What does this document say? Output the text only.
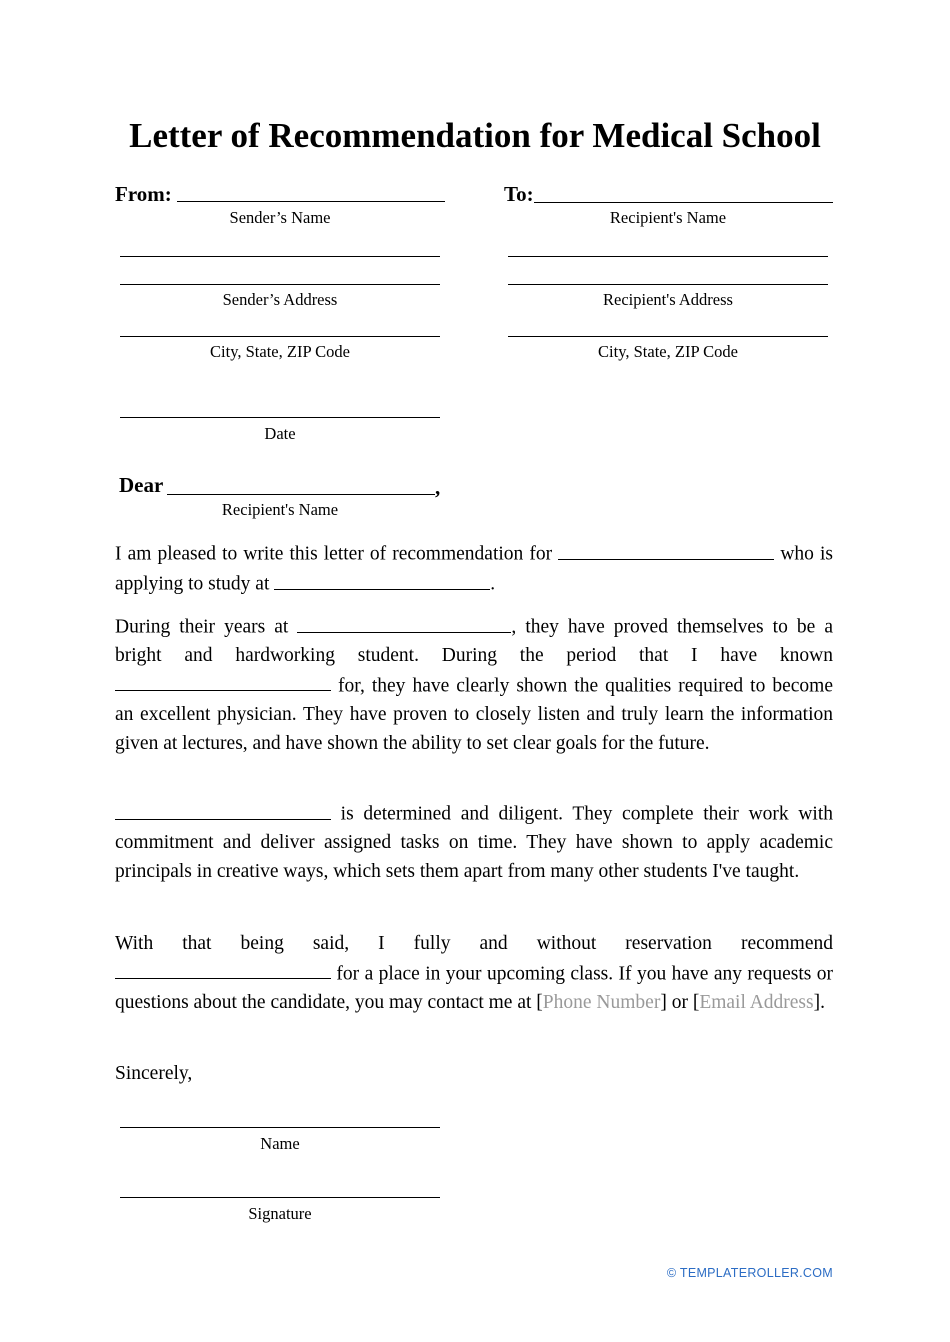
Letter of Recommendation for Medical School
From:
Sender’s Name
Sender’s Address
City, State, ZIP Code
Date
To:
Recipient's Name
Recipient's Address
City, State, ZIP Code
Dear	,
Recipient's Name
I am pleased to write this letter of recommendation for	who is applying to study at	.
During their years at	, they have proved themselves to be a bright and hardworking student. During the period that I have known  for, they have clearly shown the qualities required to become an excellent physician. They have proven to closely listen and truly learn the information given at lectures, and have shown the ability to set clear goals for the future.
is determined and diligent. They complete their work with commitment and deliver assigned tasks on time. They have shown to apply academic principals in creative ways, which sets them apart from many other students I've taught.
With that being said, I fully and without reservation recommend
for a place in your upcoming class. If you have any requests or questions about the candidate, you may contact me at [Phone Number] or [Email Address].
Sincerely,
Name
Signature
© TEMPLATEROLLER.COM
